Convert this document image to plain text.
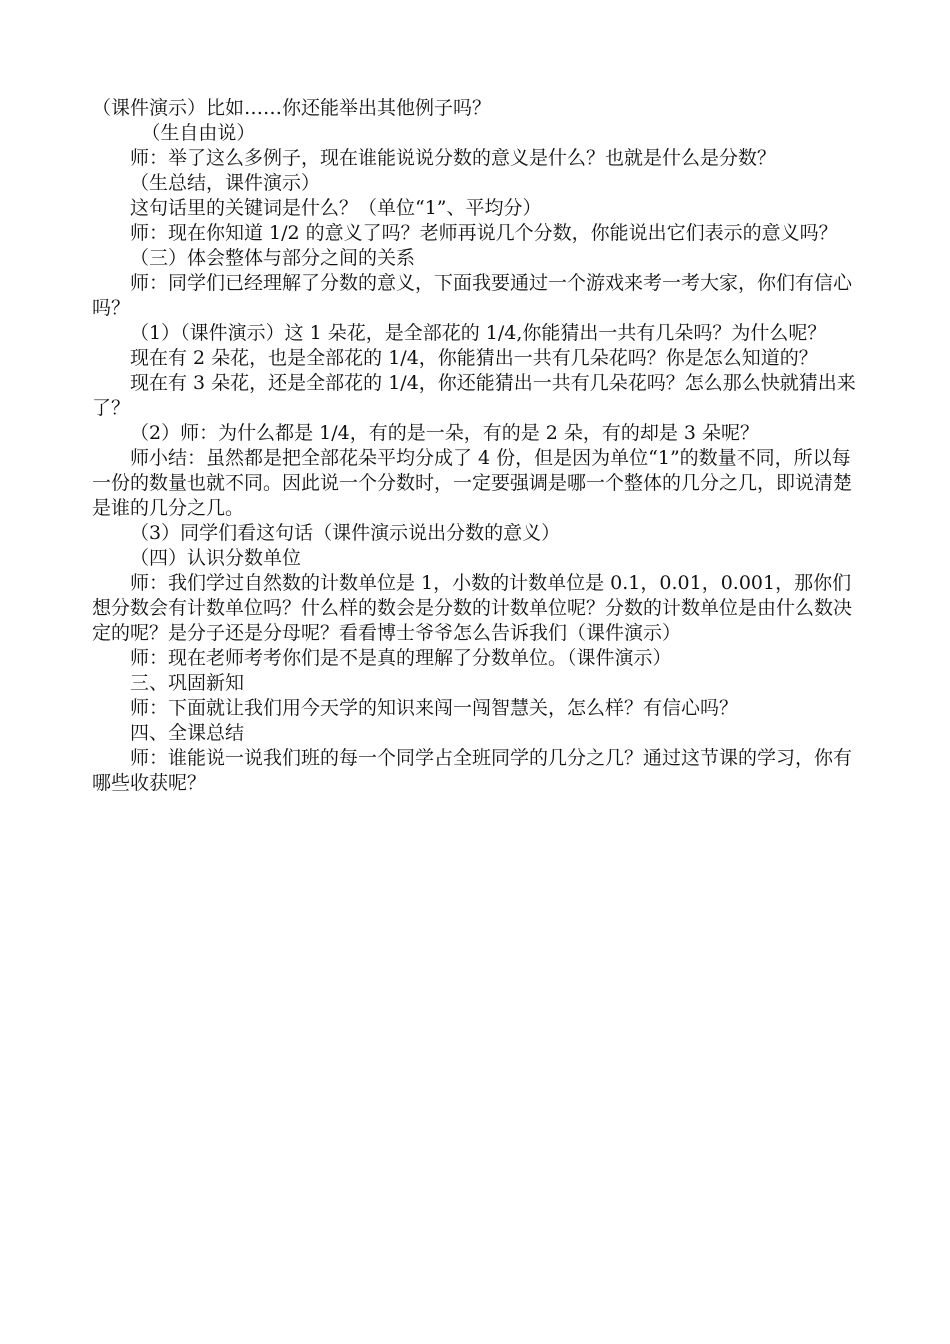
（课件演示）比如……你还能举出其他例子吗？

（生自由说）

师：举了这么多例子，现在谁能说说分数的意义是什么？也就是什么是分数？

（生总结，课件演示）

这句话里的关键词是什么？（单位“1”、平均分）

师：现在你知道 1/2 的意义了吗？老师再说几个分数，你能说出它们表示的意义吗？

（三）体会整体与部分之间的关系

师：同学们已经理解了分数的意义，下面我要通过一个游戏来考一考大家，你们有信心吗？

（1）（课件演示）这 1 朵花，是全部花的 1/4,你能猜出一共有几朵吗？为什么呢？

现在有 2 朵花，也是全部花的 1/4，你能猜出一共有几朵花吗？你是怎么知道的？

现在有 3 朵花，还是全部花的 1/4，你还能猜出一共有几朵花吗？怎么那么快就猜出来了？

（2）师：为什么都是 1/4，有的是一朵，有的是 2 朵，有的却是 3 朵呢？

师小结：虽然都是把全部花朵平均分成了 4 份，但是因为单位“1”的数量不同，所以每一份的数量也就不同。因此说一个分数时，一定要强调是哪一个整体的几分之几，即说清楚是谁的几分之几。

（3）同学们看这句话（课件演示说出分数的意义）

（四）认识分数单位

师：我们学过自然数的计数单位是 1，小数的计数单位是 0.1，0.01，0.001，那你们想分数会有计数单位吗？什么样的数会是分数的计数单位呢？分数的计数单位是由什么数决定的呢？是分子还是分母呢？看看博士爷爷怎么告诉我们（课件演示）

师：现在老师考考你们是不是真的理解了分数单位。（课件演示）

三、巩固新知

师：下面就让我们用今天学的知识来闯一闯智慧关，怎么样？有信心吗？

四、全课总结

师：谁能说一说我们班的每一个同学占全班同学的几分之几？通过这节课的学习，你有哪些收获呢？
